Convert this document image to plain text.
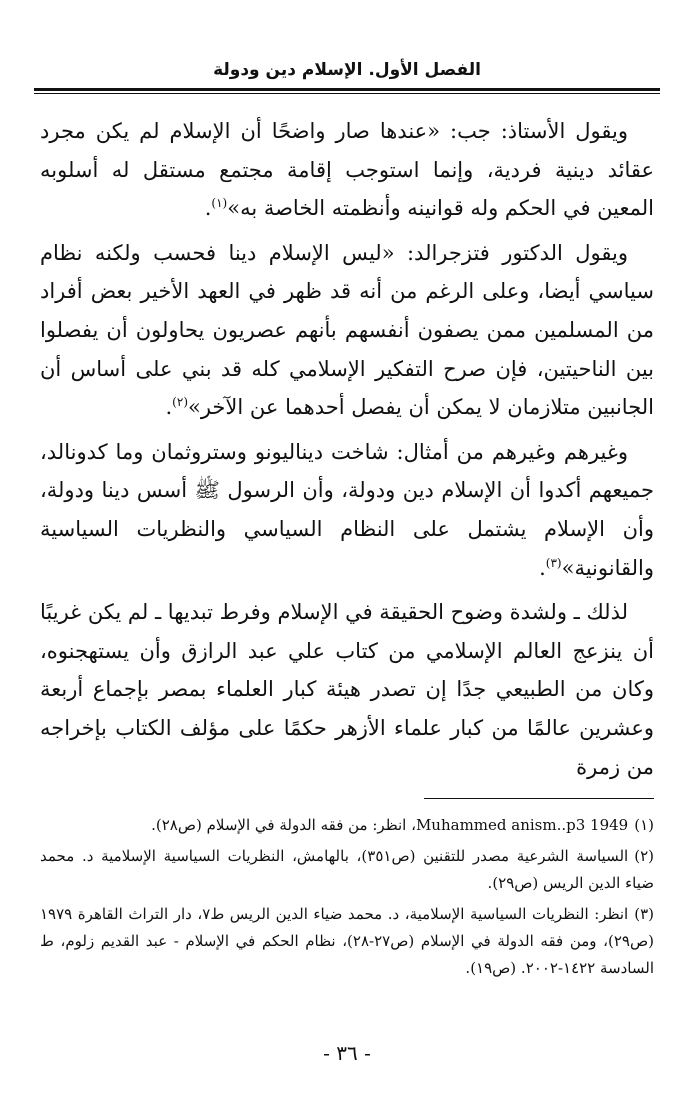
الفصل الأول. الإسلام دين ودولة

ويقول الأستاذ: جب: «عندها صار واضحًا أن الإسلام لم يكن مجرد عقائد دينية فردية، وإنما استوجب إقامة مجتمع مستقل له أسلوبه المعين في الحكم وله قوانينه وأنظمته الخاصة به»$^{(١)}$.

ويقول الدكتور فتزجرالد: «ليس الإسلام دينا فحسب ولكنه نظام سياسي أيضا، وعلى الرغم من أنه قد ظهر في العهد الأخير بعض أفراد من المسلمين ممن يصفون أنفسهم بأنهم عصريون يحاولون أن يفصلوا بين الناحيتين، فإن صرح التفكير الإسلامي كله قد بني على أساس أن الجانبين متلازمان لا يمكن أن يفصل أحدهما عن الآخر»$^{(٢)}$.

وغيرهم وغيرهم من أمثال: شاخت ديناليونو وستروثمان وما كدونالد، جميعهم أكدوا أن الإسلام دين ودولة، وأن الرسول ﷺ أسس دينا ودولة، وأن الإسلام يشتمل على النظام السياسي والنظريات السياسية والقانونية»$^{(٣)}$.

لذلك ـ ولشدة وضوح الحقيقة في الإسلام وفرط تبديها ـ لم يكن غريبًا أن ينزعج العالم الإسلامي من كتاب علي عبد الرازق وأن يستهجنوه، وكان من الطبيعي جدًا إن تصدر هيئة كبار العلماء بمصر بإجماع أربعة وعشرين عالمًا من كبار علماء الأزهر حكمًا على مؤلف الكتاب بإخراجه من زمرة

(١)Muhammed anism..p3 1949، انظر: من فقه الدولة في الإسلام (ص٢٨).
(٢)السياسة الشرعية مصدر للتقنين (ص٣٥١)، بالهامش، النظريات السياسية الإسلامية د. محمد ضياء الدين الريس (ص٢٩).
(٣)انظر: النظريات السياسية الإسلامية، د. محمد ضياء الدين الريس ط٧، دار التراث القاهرة ١٩٧٩ (ص٢٩)، ومن فقه الدولة في الإسلام (ص٢٧-٢٨)، نظام الحكم في الإسلام - عبد القديم زلوم، ط السادسة ١٤٢٢-٢٠٠٢. (ص١٩).
- ٣٦ -
